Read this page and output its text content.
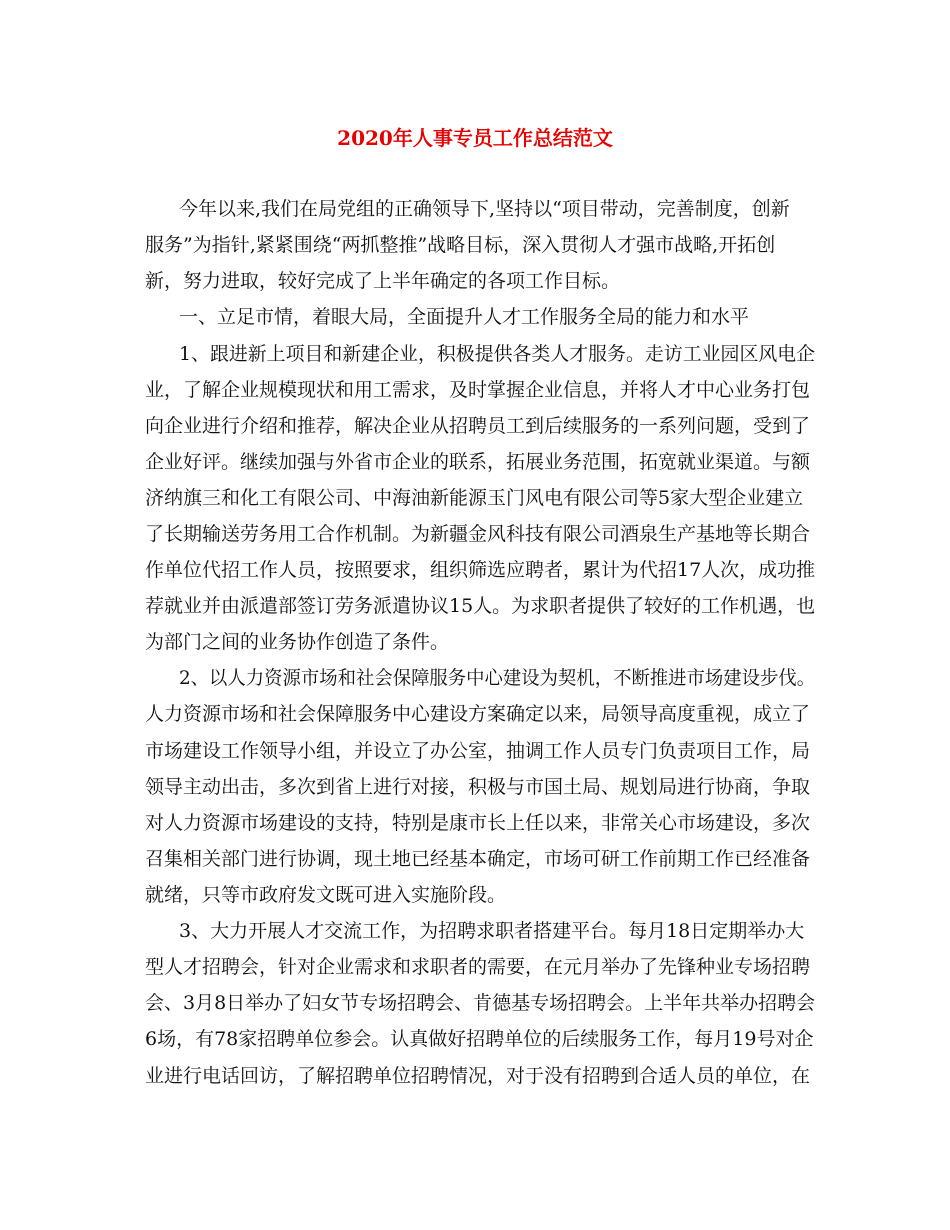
2020年人事专员工作总结范文
今年以来,我们在局党组的正确领导下,坚持以“项目带动，完善制度，创新
服务”为指针,紧紧围绕“两抓整推”战略目标，深入贯彻人才强市战略,开拓创
新，努力进取，较好完成了上半年确定的各项工作目标。
一、立足市情，着眼大局，全面提升人才工作服务全局的能力和水平
1、跟进新上项目和新建企业，积极提供各类人才服务。走访工业园区风电企
业，了解企业规模现状和用工需求，及时掌握企业信息，并将人才中心业务打包
向企业进行介绍和推荐，解决企业从招聘员工到后续服务的一系列问题，受到了
企业好评。继续加强与外省市企业的联系，拓展业务范围，拓宽就业渠道。与额
济纳旗三和化工有限公司、中海油新能源玉门风电有限公司等5家大型企业建立
了长期输送劳务用工合作机制。为新疆金风科技有限公司酒泉生产基地等长期合
作单位代招工作人员，按照要求，组织筛选应聘者，累计为代招17人次，成功推
荐就业并由派遣部签订劳务派遣协议15人。为求职者提供了较好的工作机遇，也
为部门之间的业务协作创造了条件。
2、以人力资源市场和社会保障服务中心建设为契机，不断推进市场建设步伐。
人力资源市场和社会保障服务中心建设方案确定以来，局领导高度重视，成立了
市场建设工作领导小组，并设立了办公室，抽调工作人员专门负责项目工作，局
领导主动出击，多次到省上进行对接，积极与市国土局、规划局进行协商，争取
对人力资源市场建设的支持，特别是康市长上任以来，非常关心市场建设，多次
召集相关部门进行协调，现土地已经基本确定，市场可研工作前期工作已经准备
就绪，只等市政府发文既可进入实施阶段。
3、大力开展人才交流工作，为招聘求职者搭建平台。每月18日定期举办大
型人才招聘会，针对企业需求和求职者的需要，在元月举办了先锋种业专场招聘
会、3月8日举办了妇女节专场招聘会、肯德基专场招聘会。上半年共举办招聘会
6场，有78家招聘单位参会。认真做好招聘单位的后续服务工作，每月19号对企
业进行电话回访，了解招聘单位招聘情况，对于没有招聘到合适人员的单位，在
